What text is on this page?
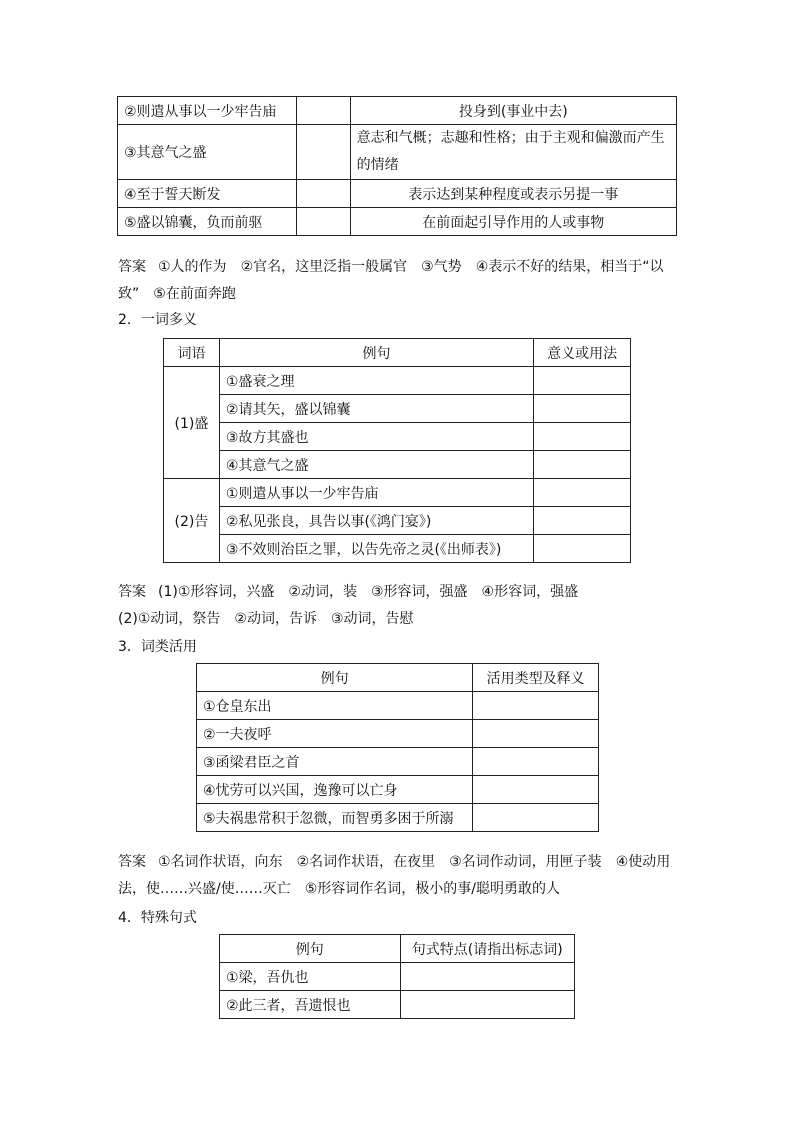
②则遣从事以一少牢告庙		投身到(事业中去)
③其意气之盛		意志和气概；志趣和性格；由于主观和偏激而产生的情绪
④至于誓天断发		表示达到某种程度或表示另提一事
⑤盛以锦囊，负而前驱		在前面起引导作用的人或事物
答案 ①人的作为 ②官名，这里泛指一般属官 ③气势 ④表示不好的结果，相当于“以致” ⑤在前面奔跑
2．一词多义
词语	例句	意义或用法
(1)盛	①盛衰之理	
	②请其矢，盛以锦囊	
	③故方其盛也	
	④其意气之盛	
(2)告	①则遣从事以一少牢告庙	
	②私见张良，具告以事(《鸿门宴》)	
	③不效则治臣之罪，以告先帝之灵(《出师表》)	
答案 (1)①形容词，兴盛 ②动词，装 ③形容词，强盛 ④形容词，强盛
(2)①动词，祭告 ②动词，告诉 ③动词，告慰
3．词类活用
例句	活用类型及释义
①仓皇东出	
②一夫夜呼	
③函梁君臣之首	
④忧劳可以兴国，逸豫可以亡身	
⑤夫祸患常积于忽微，而智勇多困于所溺	
答案 ①名词作状语，向东 ②名词作状语，在夜里 ③名词作动词，用匣子装 ④使动用法，使……兴盛/使……灭亡 ⑤形容词作名词，极小的事/聪明勇敢的人
4．特殊句式
例句	句式特点(请指出标志词)
①梁，吾仇也	
②此三者，吾遗恨也	
